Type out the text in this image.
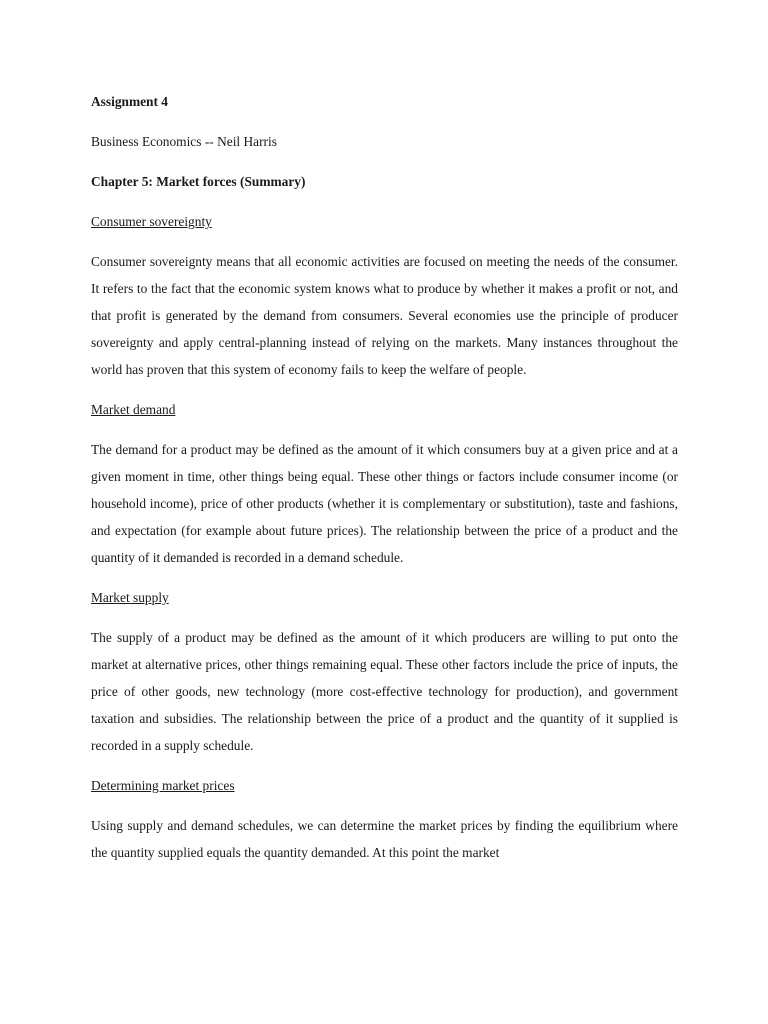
Assignment 4
Business Economics -- Neil Harris
Chapter 5: Market forces (Summary)
Consumer sovereignty
Consumer sovereignty means that all economic activities are focused on meeting the needs of the consumer. It refers to the fact that the economic system knows what to produce by whether it makes a profit or not, and that profit is generated by the demand from consumers. Several economies use the principle of producer sovereignty and apply central-planning instead of relying on the markets. Many instances throughout the world has proven that this system of economy fails to keep the welfare of people.
Market demand
The demand for a product may be defined as the amount of it which consumers buy at a given price and at a given moment in time, other things being equal. These other things or factors include consumer income (or household income), price of other products (whether it is complementary or substitution), taste and fashions, and expectation (for example about future prices). The relationship between the price of a product and the quantity of it demanded is recorded in a demand schedule.
Market supply
The supply of a product may be defined as the amount of it which producers are willing to put onto the market at alternative prices, other things remaining equal. These other factors include the price of inputs, the price of other goods, new technology (more cost-effective technology for production), and government taxation and subsidies. The relationship between the price of a product and the quantity of it supplied is recorded in a supply schedule.
Determining market prices
Using supply and demand schedules, we can determine the market prices by finding the equilibrium where the quantity supplied equals the quantity demanded. At this point the market
